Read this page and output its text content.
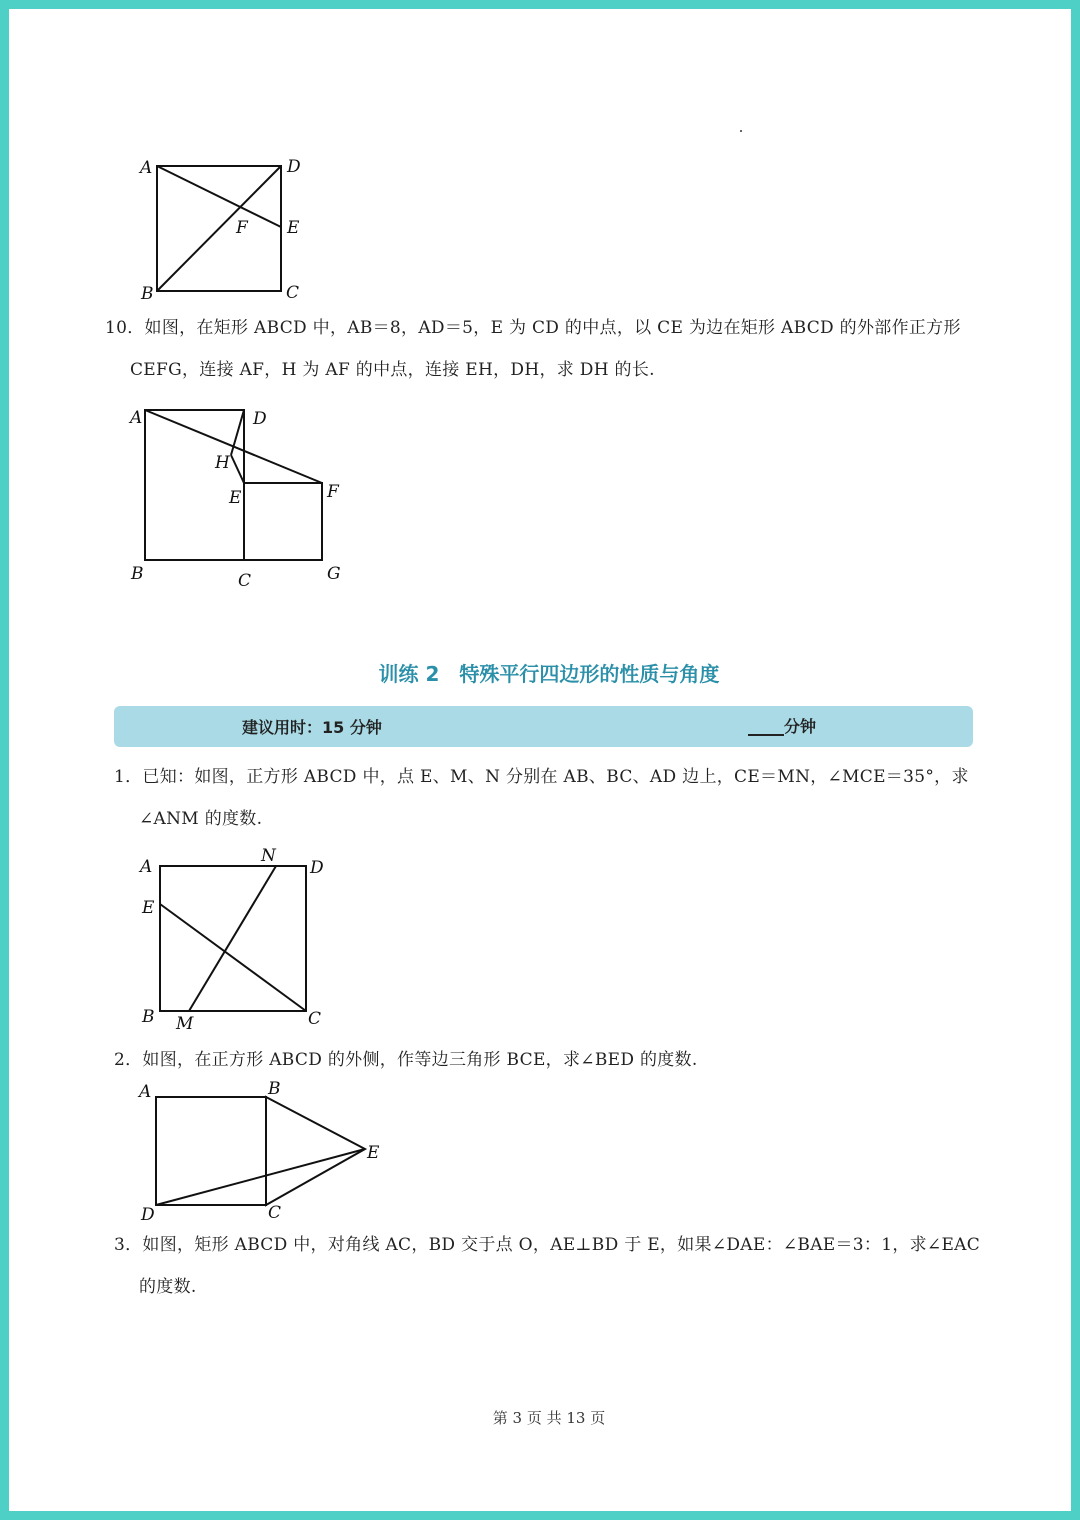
A	D
F E
B	C
10．如图，在矩形 ABCD 中，AB＝8，AD＝5，E 为 CD 的中点，以 CE 为边在矩形 ABCD 的外部作正方形
CEFG，连接 AF，H 为 AF 的中点，连接 EH，DH，求 DH 的长.
A	D
H
E	F
B	C	G
训练 2　特殊平行四边形的性质与角度
建议用时：15 分钟	分钟
1．已知：如图，正方形 ABCD 中，点 E、M、N 分别在 AB、BC、AD 边上，CE＝MN，∠MCE＝35°，求
∠ANM 的度数.
A
N
D
E
B M	C
2．如图，在正方形 ABCD 的外侧，作等边三角形 BCE，求∠BED 的度数.
A	B
E
D	C
3．如图，矩形 ABCD 中，对角线 AC，BD 交于点 O，AE⊥BD 于 E，如果∠DAE：∠BAE＝3：1，求∠EAC
的度数.
第 3 页 共 13 页
